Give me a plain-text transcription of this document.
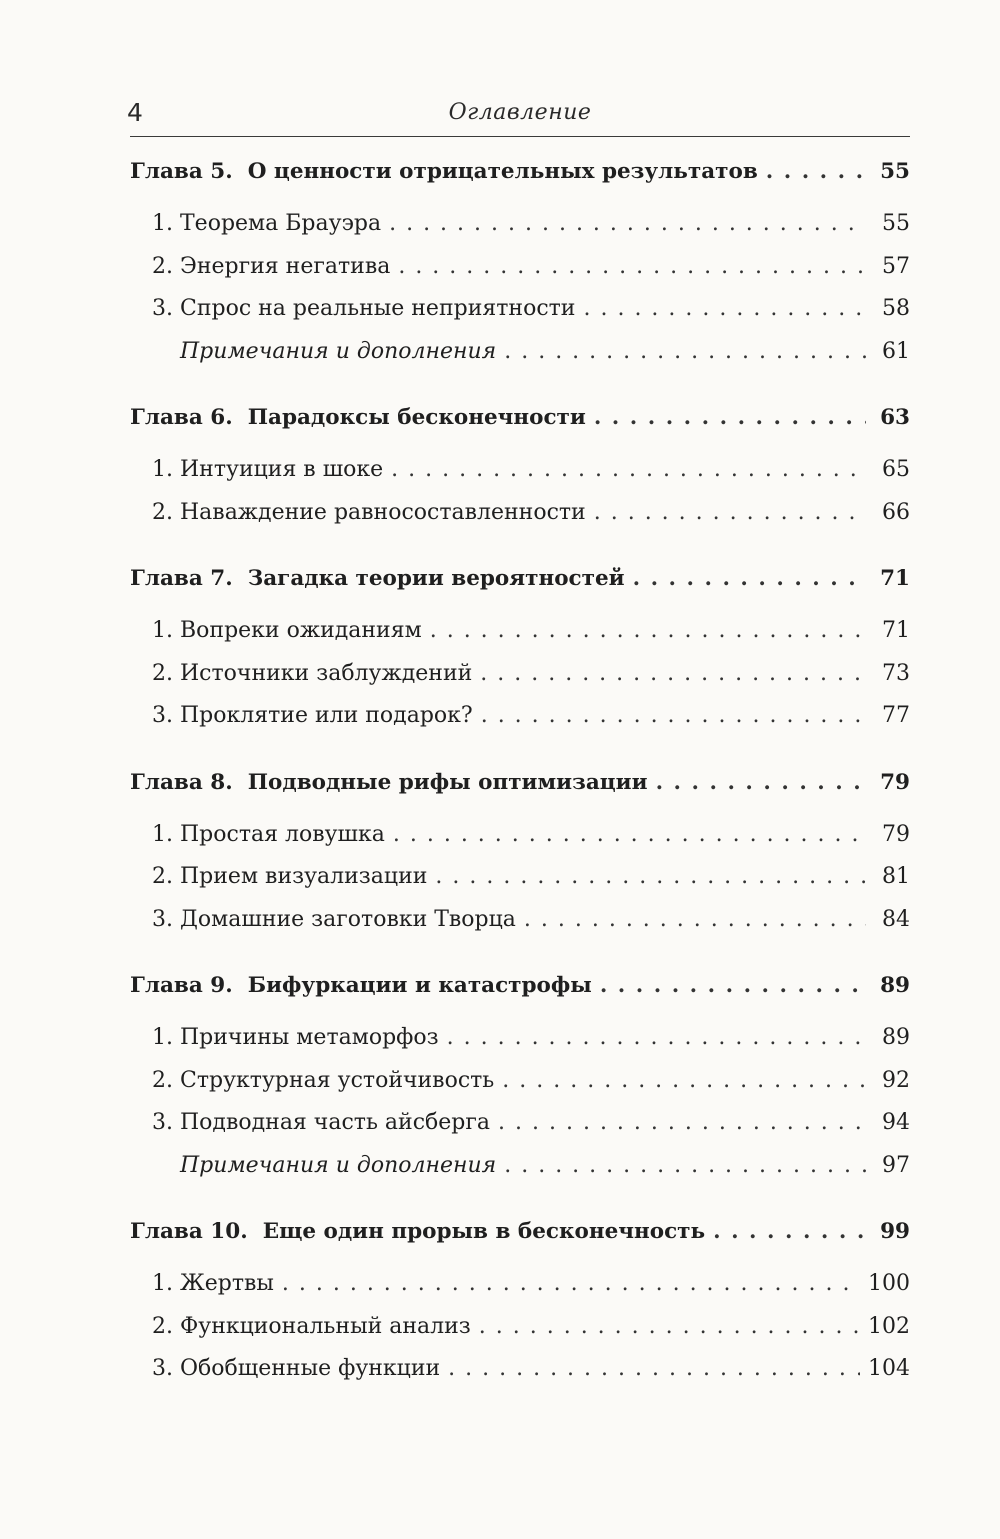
4	Оглавление
Глава 5. О ценности отрицательных результатов . . .	55
1. Теорема Брауэра . . .	55
2. Энергия негатива . . .	57
3. Спрос на реальные неприятности . . .	58
Примечания и дополнения . . .	61
Глава 6. Парадоксы бесконечности . . .	63
1. Интуиция в шоке . . .	65
2. Наваждение равносоставленности . . .	66
Глава 7. Загадка теории вероятностей . . .	71
1. Вопреки ожиданиям . . .	71
2. Источники заблуждений . . .	73
3. Проклятие или подарок? . . .	77
Глава 8. Подводные рифы оптимизации . . .	79
1. Простая ловушка . . .	79
2. Прием визуализации . . .	81
3. Домашние заготовки Творца . . .	84
Глава 9. Бифуркации и катастрофы . . .	89
1. Причины метаморфоз . . .	89
2. Структурная устойчивость . . .	92
3. Подводная часть айсберга . . .	94
Примечания и дополнения . . .	97
Глава 10. Еще один прорыв в бесконечность . . .	99
1. Жертвы . . .	100
2. Функциональный анализ . . .	102
3. Обобщенные функции . . .	104
